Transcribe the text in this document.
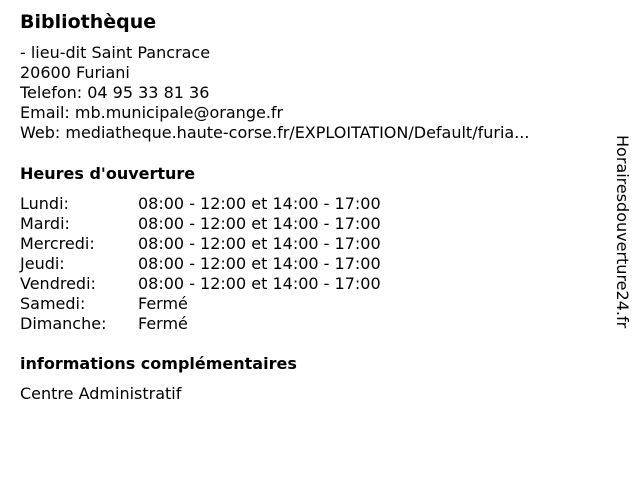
Bibliothèque
- lieu-dit Saint Pancrace
20600 Furiani
Telefon: 04 95 33 81 36
Email: mb.municipale@orange.fr
Web: mediatheque.haute-corse.fr/EXPLOITATION/Default/furia...
Heures d'ouverture
Lundi:	08:00 - 12:00 et 14:00 - 17:00
Mardi:	08:00 - 12:00 et 14:00 - 17:00
Mercredi:	08:00 - 12:00 et 14:00 - 17:00
Jeudi:	08:00 - 12:00 et 14:00 - 17:00
Vendredi:	08:00 - 12:00 et 14:00 - 17:00
Samedi:	Fermé
Dimanche: Fermé
informations complémentaires
Centre Administratif
Horairesdouverture24.fr
